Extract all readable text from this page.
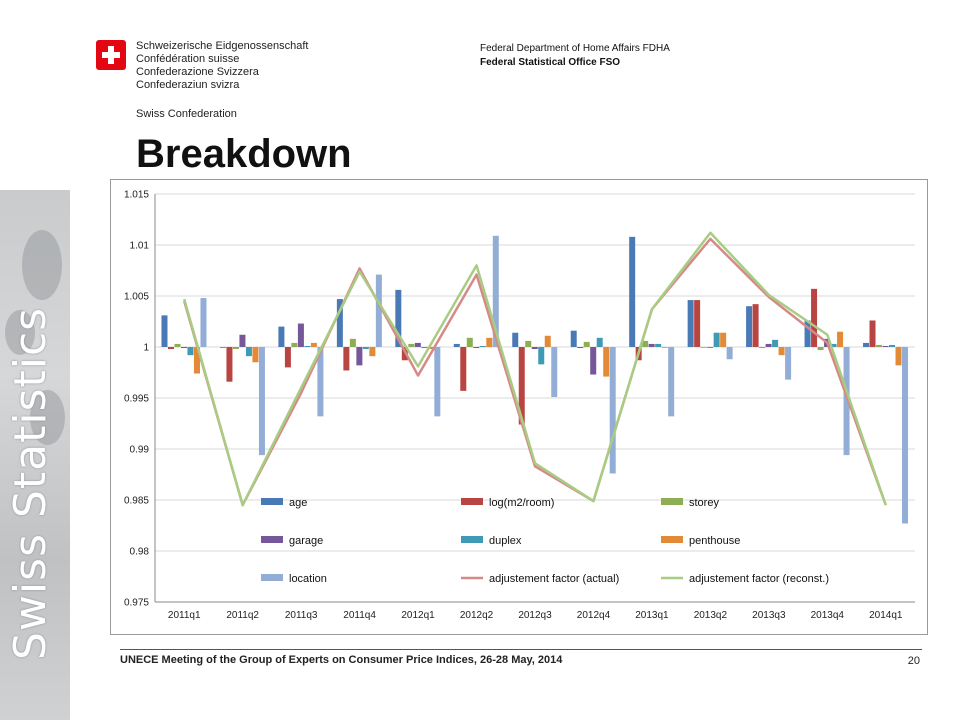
Swiss Statistics
Schweizerische Eidgenossenschaft
Confédération suisse
Confederazione Svizzera
Confederaziun svizra
Swiss Confederation
Federal Department of Home Affairs FDHA
Federal Statistical Office FSO
Breakdown
0.975
0.98
0.985
0.99
0.995
1
1.005
1.01
1.015
2011q1	2011q2	2011q3	2011q4	2012q1	2012q2	2012q3	2012q4	2013q1	2013q2	2013q3	2013q4	2014q1
age	log(m2/room)	storey
garage	duplex	penthouse
location	adjustement factor (actual)	adjustement factor (reconst.)
UNECE Meeting of the Group of Experts on Consumer Price Indices, 26-28 May, 2014	20
